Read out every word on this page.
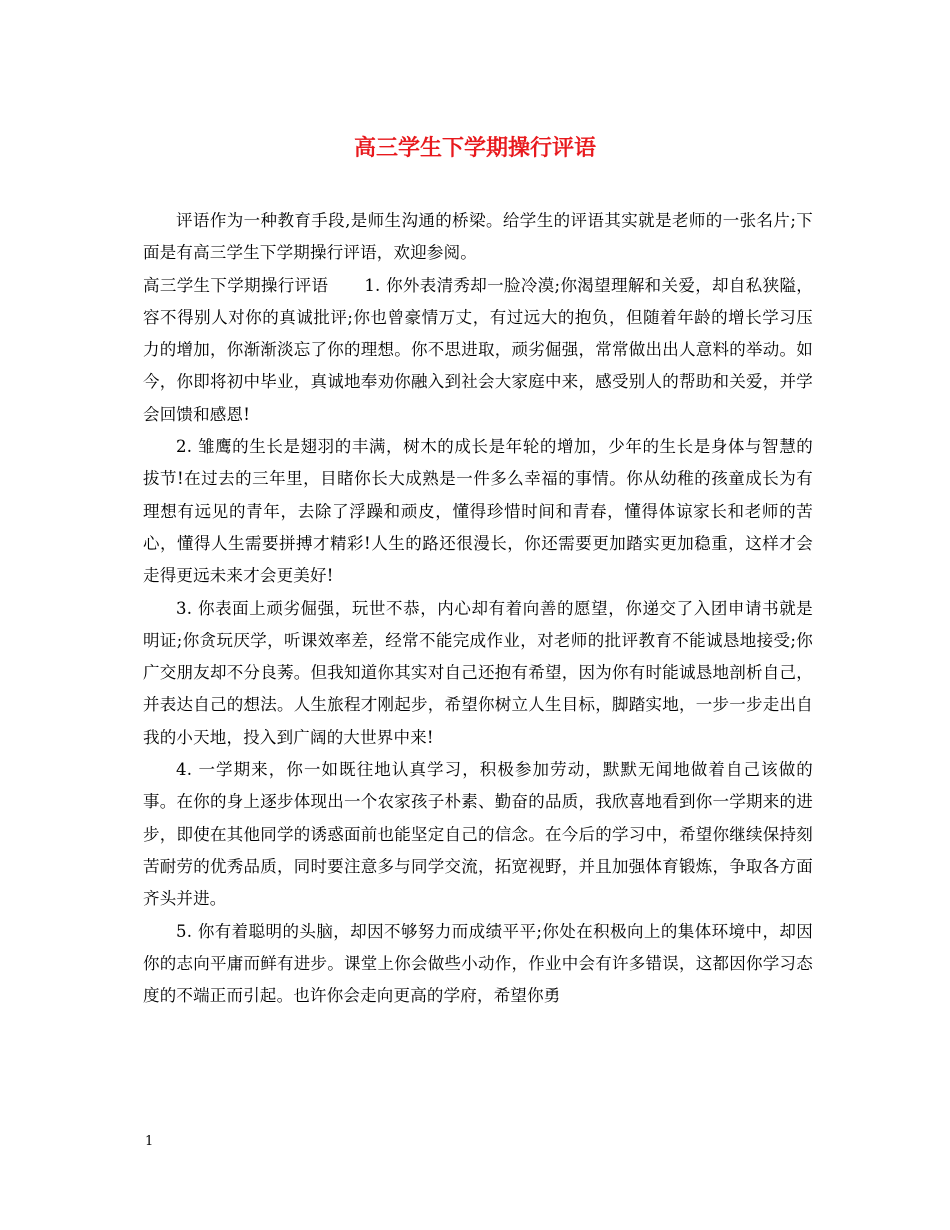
高三学生下学期操行评语

评语作为一种教育手段,是师生沟通的桥梁。给学生的评语其实就是老师的一张名片;下面是有高三学生下学期操行评语，欢迎参阅。

高三学生下学期操行评语 1. 你外表清秀却一脸冷漠;你渴望理解和关爱，却自私狭隘，容不得别人对你的真诚批评;你也曾豪情万丈，有过远大的抱负，但随着年龄的增长学习压力的增加，你渐渐淡忘了你的理想。你不思进取，顽劣倔强，常常做出出人意料的举动。如今，你即将初中毕业，真诚地奉劝你融入到社会大家庭中来，感受别人的帮助和关爱，并学会回馈和感恩!

2. 雏鹰的生长是翅羽的丰满，树木的成长是年轮的增加，少年的生长是身体与智慧的拔节!在过去的三年里，目睹你长大成熟是一件多么幸福的事情。你从幼稚的孩童成长为有理想有远见的青年，去除了浮躁和顽皮，懂得珍惜时间和青春，懂得体谅家长和老师的苦心，懂得人生需要拼搏才精彩!人生的路还很漫长，你还需要更加踏实更加稳重，这样才会走得更远未来才会更美好!

3. 你表面上顽劣倔强，玩世不恭，内心却有着向善的愿望，你递交了入团申请书就是明证;你贪玩厌学，听课效率差，经常不能完成作业，对老师的批评教育不能诚恳地接受;你广交朋友却不分良莠。但我知道你其实对自己还抱有希望，因为你有时能诚恳地剖析自己，并表达自己的想法。人生旅程才刚起步，希望你树立人生目标，脚踏实地，一步一步走出自我的小天地，投入到广阔的大世界中来!

4. 一学期来，你一如既往地认真学习，积极参加劳动，默默无闻地做着自己该做的事。在你的身上逐步体现出一个农家孩子朴素、勤奋的品质，我欣喜地看到你一学期来的进步，即使在其他同学的诱惑面前也能坚定自己的信念。在今后的学习中，希望你继续保持刻苦耐劳的优秀品质，同时要注意多与同学交流，拓宽视野，并且加强体育锻炼，争取各方面齐头并进。

5. 你有着聪明的头脑，却因不够努力而成绩平平;你处在积极向上的集体环境中，却因你的志向平庸而鲜有进步。课堂上你会做些小动作，作业中会有许多错误，这都因你学习态度的不端正而引起。也许你会走向更高的学府，希望你勇

1
